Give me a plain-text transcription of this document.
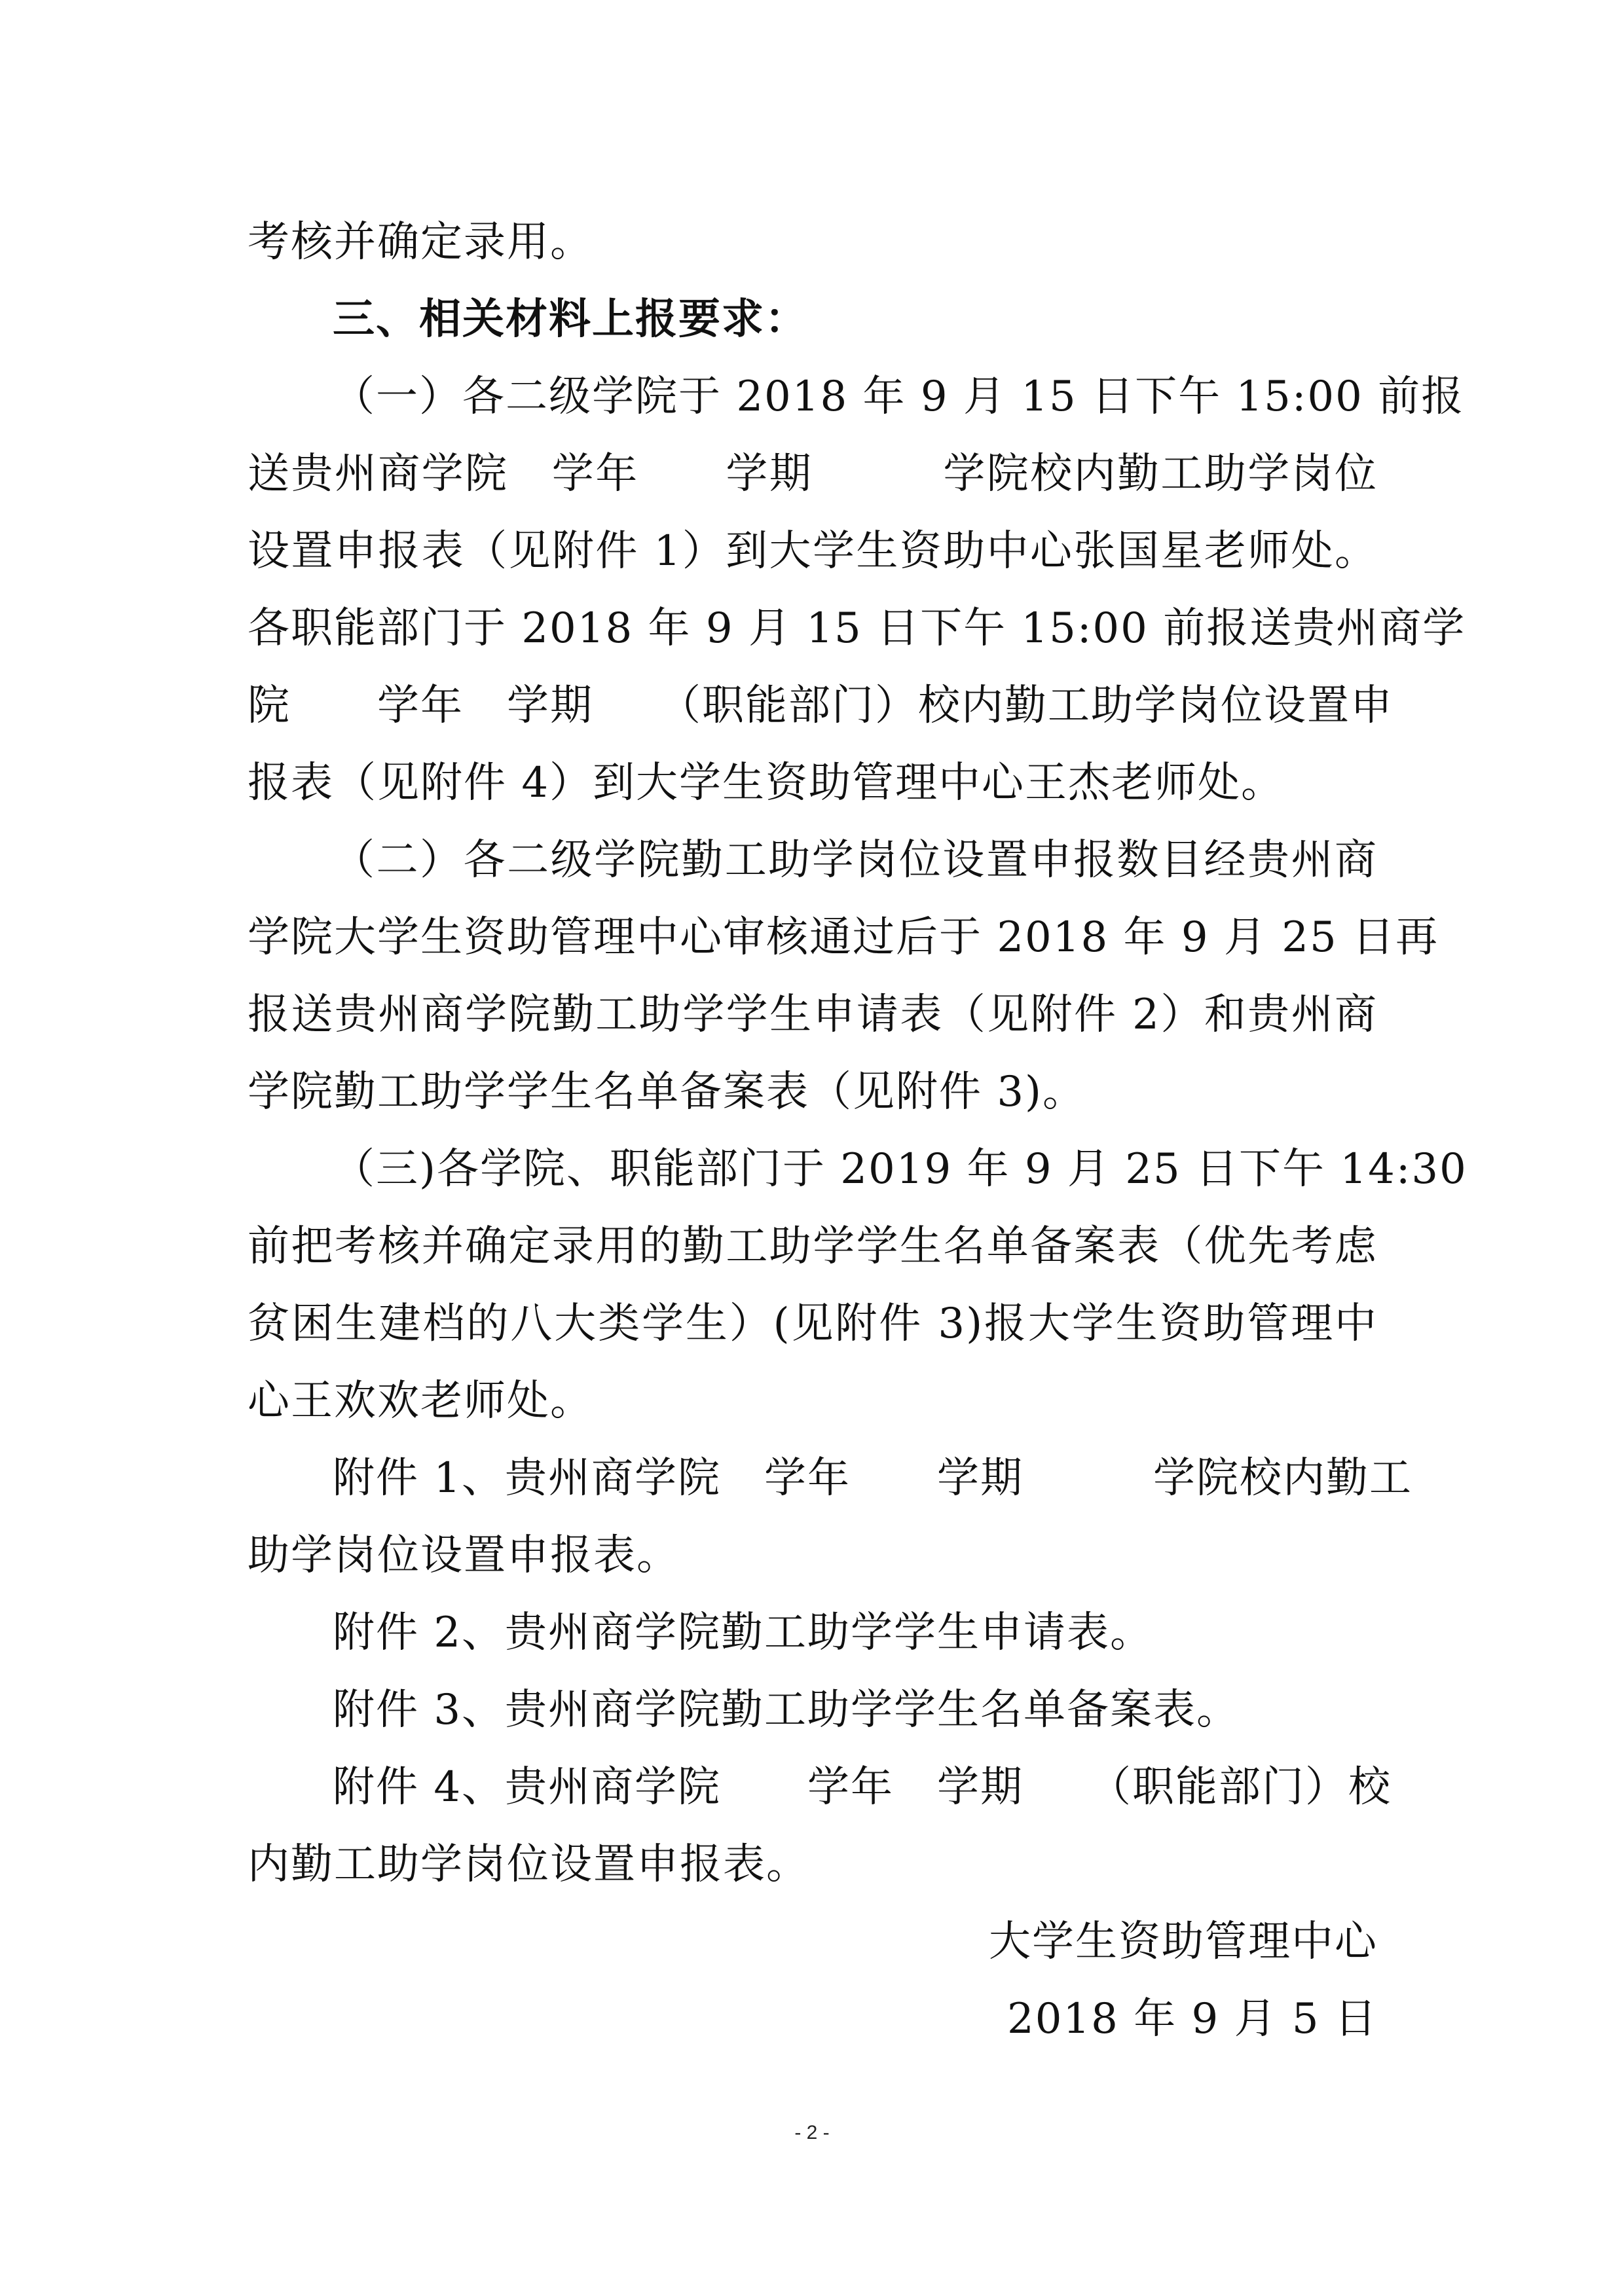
考核并确定录用。
三、相关材料上报要求：
（一）各二级学院于 2018 年 9 月 15 日下午 15:00 前报
送贵州商学院　学年　　学期　　　学院校内勤工助学岗位
设置申报表（见附件 1）到大学生资助中心张国星老师处。
各职能部门于 2018 年 9 月 15 日下午 15:00 前报送贵州商学
院　　学年　学期　　（职能部门）校内勤工助学岗位设置申
报表（见附件 4）到大学生资助管理中心王杰老师处。
（二）各二级学院勤工助学岗位设置申报数目经贵州商
学院大学生资助管理中心审核通过后于 2018 年 9 月 25 日再
报送贵州商学院勤工助学学生申请表（见附件 2）和贵州商
学院勤工助学学生名单备案表（见附件 3)。
（三)各学院、职能部门于 2019 年 9 月 25 日下午 14:30
前把考核并确定录用的勤工助学学生名单备案表（优先考虑
贫困生建档的八大类学生）(见附件 3)报大学生资助管理中
心王欢欢老师处。
附件 1、贵州商学院　学年　　学期　　　学院校内勤工
助学岗位设置申报表。
附件 2、贵州商学院勤工助学学生申请表。
附件 3、贵州商学院勤工助学学生名单备案表。
附件 4、贵州商学院　　学年　学期　　（职能部门）校
内勤工助学岗位设置申报表。
大学生资助管理中心
2018 年 9 月 5 日
- 2 -
